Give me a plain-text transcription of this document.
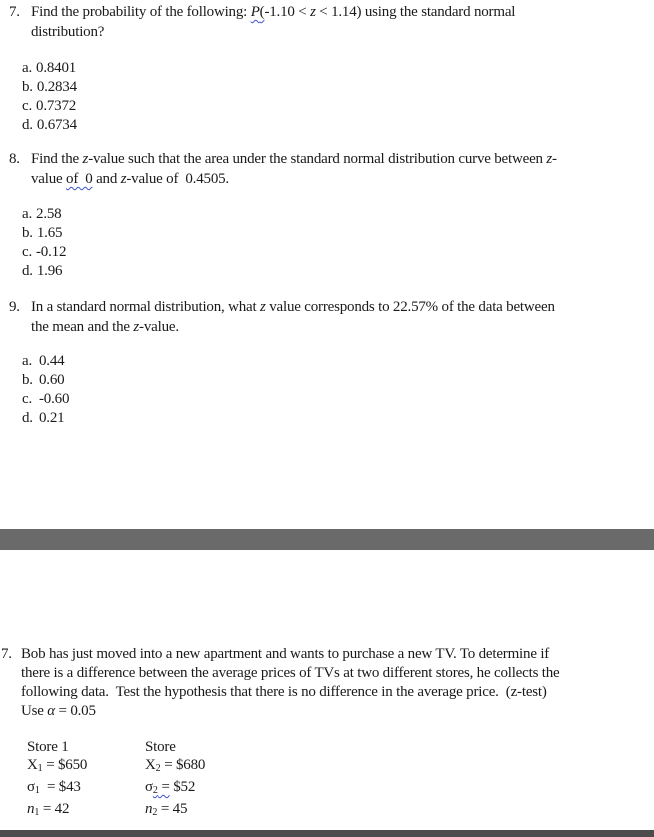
7. Find the probability of the following: P(-1.10 < z < 1.14) using the standard normal
distribution?
a. 0.8401
b. 0.2834
c. 0.7372
d. 0.6734
8. Find the z-value such that the area under the standard normal distribution curve between z-
value of  0 and z-value of  0.4505.
a. 2.58
b. 1.65
c. -0.12
d. 1.96
9. In a standard normal distribution, what z value corresponds to 22.57% of the data between
the mean and the z-value.
a. 0.44
b. 0.60
c. -0.60
d. 0.21
7. Bob has just moved into a new apartment and wants to purchase a new TV. To determine if
there is a difference between the average prices of TVs at two different stores, he collects the
following data.  Test the hypothesis that there is no difference in the average price.  (z-test)
Use α = 0.05
Store 1
$X_1$ = $650
$\sigma_1$  = $43
$n_1 = 42$
Store
$X_2$ = $680
$\sigma_2$ = $52
$n_2 = 45$
